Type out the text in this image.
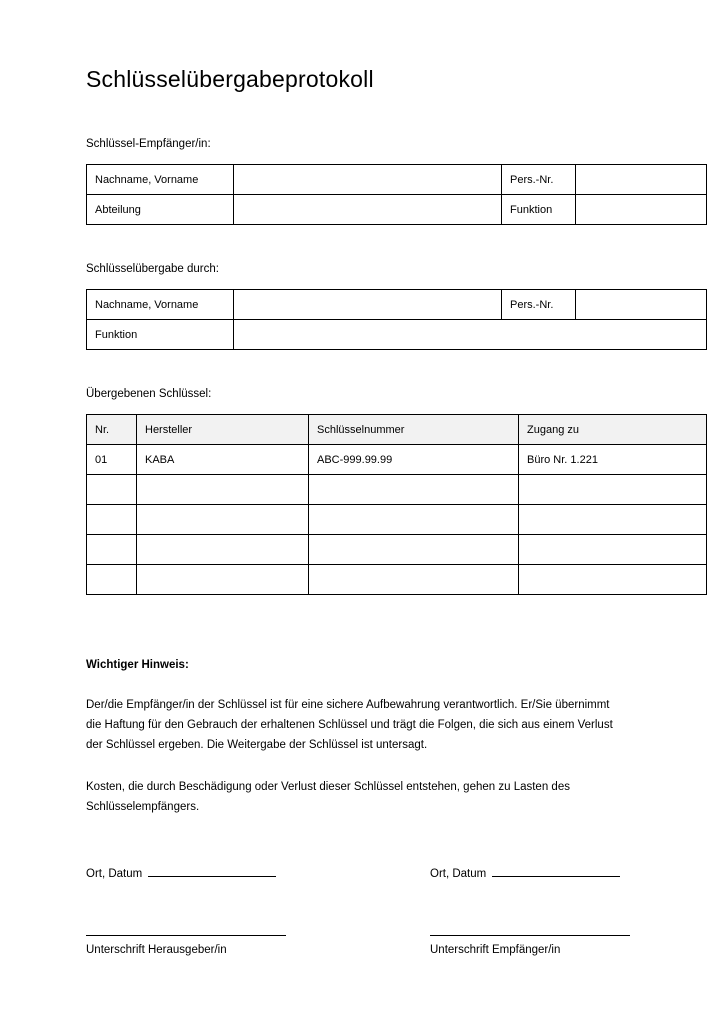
Schlüsselübergabeprotokoll

Schlüssel-Empfänger/in:

Nachname, Vorname		Pers.-Nr.	
Abteilung		Funktion	

Schlüsselübergabe durch:

Nachname, Vorname		Pers.-Nr.	
Funktion			

Übergebenen Schlüssel:

Nr.	Hersteller	Schlüsselnummer	Zugang zu
01	KABA	ABC-999.99.99	Büro Nr. 1.221

Wichtiger Hinweis:

Der/die Empfänger/in der Schlüssel ist für eine sichere Aufbewahrung verantwortlich. Er/Sie übernimmt die Haftung für den Gebrauch der erhaltenen Schlüssel und trägt die Folgen, die sich aus einem Verlust der Schlüssel ergeben. Die Weitergabe der Schlüssel ist untersagt.

Kosten, die durch Beschädigung oder Verlust dieser Schlüssel entstehen, gehen zu Lasten des Schlüsselempfängers.

Ort, Datum	Ort, Datum
Unterschrift Herausgeber/in	Unterschrift Empfänger/in
